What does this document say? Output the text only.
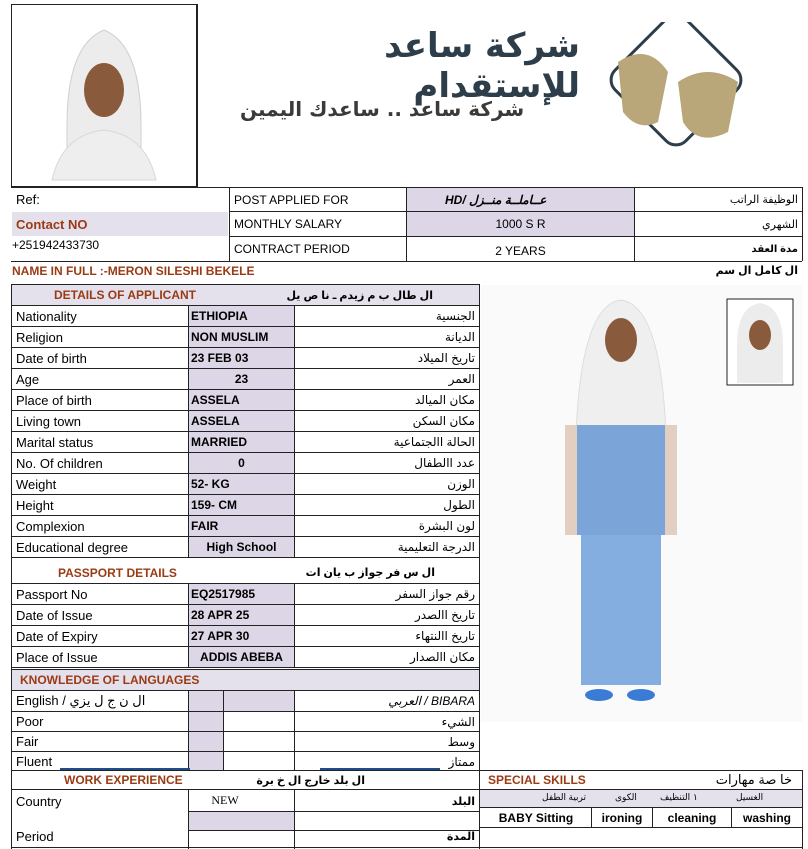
شركة ساعد للإستقدام
شركة ساعد .. ساعدك اليمين
Ref:
Contact NO
+251942433730
POST APPLIED FOR	HD/ عــاملــة منــزل	الوظيفة الراتب
MONTHLY SALARY	1000 S R	الشهري
CONTRACT PERIOD	2 YEARS	مدة العقد
NAME IN FULL :-MERON SILESHI BEKELE	ال كامل ال سم
DETAILS OF APPLICANT	ال طال ب م زيدم ـ نا ص يل
Nationality	ETHIOPIA	الجنسية
Religion	NON MUSLIM	الديانة
Date of birth	23 FEB 03	تاريخ الميلاد
Age	23	العمر
Place of birth	ASSELA	مكان الميالد
Living town	ASSELA	مكان السكن
Marital status	MARRIED	الحالة االجتماعية
No. Of children	0	عدد االطفال
Weight	52- KG	الوزن
Height	159- CM	الطول
Complexion	FAIR	لون البشرة
Educational degree	High School	الدرجة التعليمية
PASSPORT DETAILS	ال س فر جواز ب يان ات
Passport No	EQ2517985	رقم جواز السفر
Date of Issue	28 APR 25	تاريخ االصدر
Date of Expiry	27 APR 30	تاريخ االنتهاء
Place of Issue	ADDIS ABEBA	مكان االصدار
KNOWLEDGE OF LANGUAGES
English / ال ن ج ل يزي	BIBARA / العربي
Poor	الشيء
Fair	وسط
Fluent	ممتاز
WORK EXPERIENCE	ال بلد خارج ال خ برة
Country	NEW	البلد
Period	المدة
SPECIAL SKILLS	خا صة مهارات
تربية الطفل	الكوى	التنظيف ١	الغسيل
BABY Sitting	ironing	cleaning	washing
